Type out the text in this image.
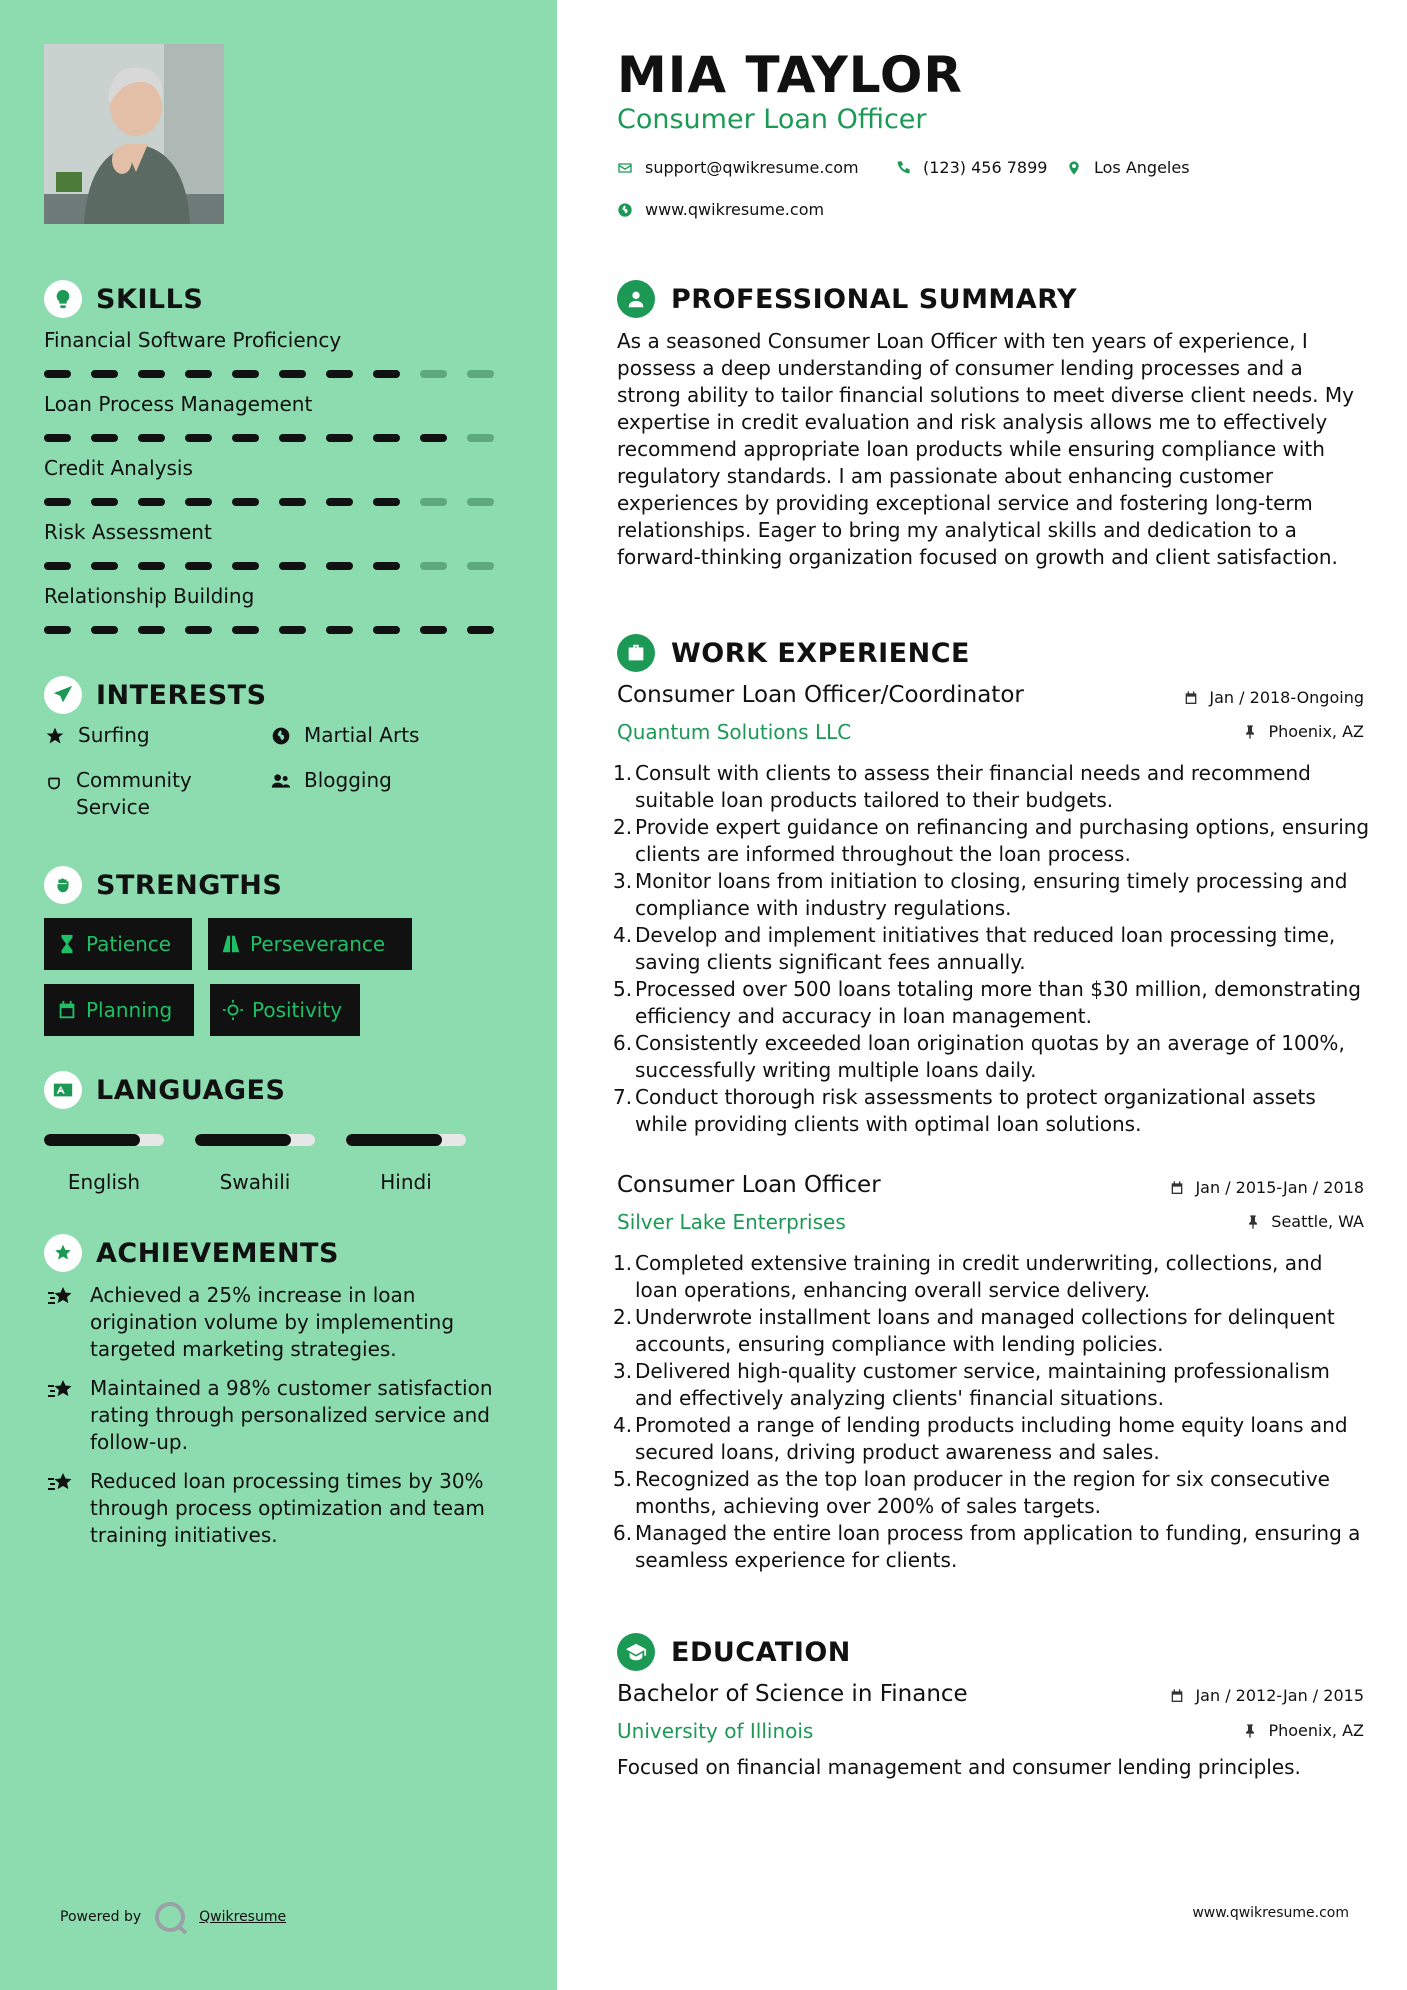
SKILLS
Financial Software Proficiency
Loan Process Management
Credit Analysis
Risk Assessment
Relationship Building
INTERESTS
Surfing	Martial Arts
Community Service
Blogging
STRENGTHS
Patience	Perseverance
Planning	Positivity
LANGUAGES
English	Swahili	Hindi
ACHIEVEMENTS
Achieved a 25% increase in loan origination volume by implementing targeted marketing strategies.
Maintained a 98% customer satisfaction rating through personalized service and follow-up.
Reduced loan processing times by 30% through process optimization and team training initiatives.
Powered by	Qwikresume
MIA TAYLOR
Consumer Loan Officer
support@qwikresume.com	(123) 456 7899	Los Angeles
www.qwikresume.com
PROFESSIONAL SUMMARY
As a seasoned Consumer Loan Officer with ten years of experience, I possess a deep understanding of consumer lending processes and a strong ability to tailor financial solutions to meet diverse client needs. My expertise in credit evaluation and risk analysis allows me to effectively recommend appropriate loan products while ensuring compliance with regulatory standards. I am passionate about enhancing customer experiences by providing exceptional service and fostering long-term relationships. Eager to bring my analytical skills and dedication to a forward-thinking organization focused on growth and client satisfaction.
WORK EXPERIENCE
Consumer Loan Officer/Coordinator	Jan / 2018-Ongoing
Quantum Solutions LLC	Phoenix, AZ
1. Consult with clients to assess their financial needs and recommend suitable loan products tailored to their budgets.
2. Provide expert guidance on refinancing and purchasing options, ensuring clients are informed throughout the loan process.
3. Monitor loans from initiation to closing, ensuring timely processing and compliance with industry regulations.
4. Develop and implement initiatives that reduced loan processing time, saving clients significant fees annually.
5. Processed over 500 loans totaling more than $30 million, demonstrating efficiency and accuracy in loan management.
6. Consistently exceeded loan origination quotas by an average of 100%, successfully writing multiple loans daily.
7. Conduct thorough risk assessments to protect organizational assets while providing clients with optimal loan solutions.
Consumer Loan Officer	Jan / 2015-Jan / 2018
Silver Lake Enterprises	Seattle, WA
1. Completed extensive training in credit underwriting, collections, and loan operations, enhancing overall service delivery.
2. Underwrote installment loans and managed collections for delinquent accounts, ensuring compliance with lending policies.
3. Delivered high-quality customer service, maintaining professionalism and effectively analyzing clients' financial situations.
4. Promoted a range of lending products including home equity loans and secured loans, driving product awareness and sales.
5. Recognized as the top loan producer in the region for six consecutive months, achieving over 200% of sales targets.
6. Managed the entire loan process from application to funding, ensuring a seamless experience for clients.
EDUCATION
Bachelor of Science in Finance	Jan / 2012-Jan / 2015
University of Illinois	Phoenix, AZ
Focused on financial management and consumer lending principles.
www.qwikresume.com
